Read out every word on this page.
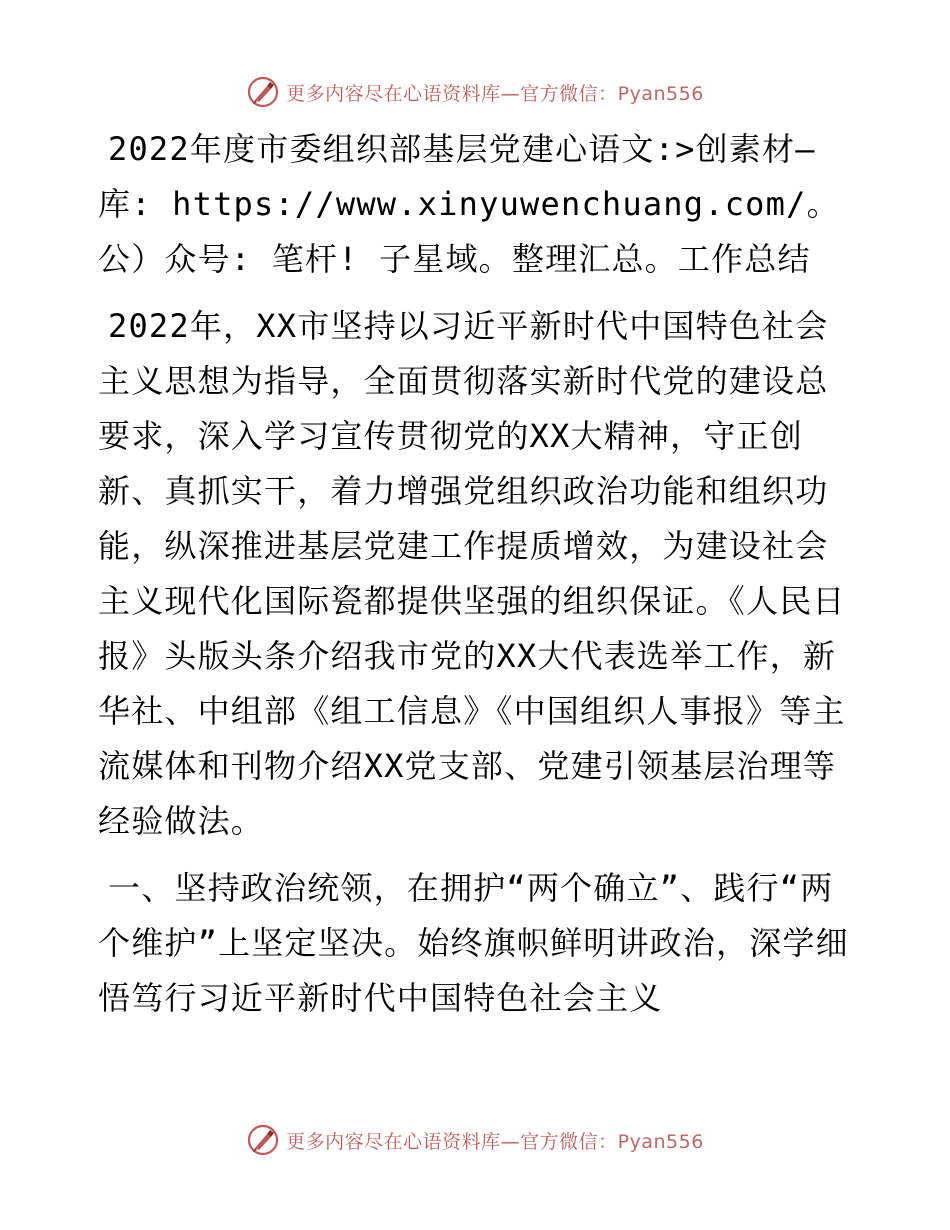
更多内容尽在心语资料库—官方微信：Pyan556

2022年度市委组织部基层党建心语文:>创素材—库: https://www.xinyuwenchuang.com/。公）众号: 笔杆! 子星域。整理汇总。工作总结

2022年，XX市坚持以习近平新时代中国特色社会主义思想为指导，全面贯彻落实新时代党的建设总要求，深入学习宣传贯彻党的XX大精神，守正创新、真抓实干，着力增强党组织政治功能和组织功能，纵深推进基层党建工作提质增效，为建设社会主义现代化国际瓷都提供坚强的组织保证。《人民日报》头版头条介绍我市党的XX大代表选举工作，新华社、中组部《组工信息》《中国组织人事报》等主流媒体和刊物介绍XX党支部、党建引领基层治理等经验做法。

一、坚持政治统领，在拥护“两个确立”、践行“两个维护”上坚定坚决。始终旗帜鲜明讲政治，深学细悟笃行习近平新时代中国特色社会主义

更多内容尽在心语资料库—官方微信：Pyan556
